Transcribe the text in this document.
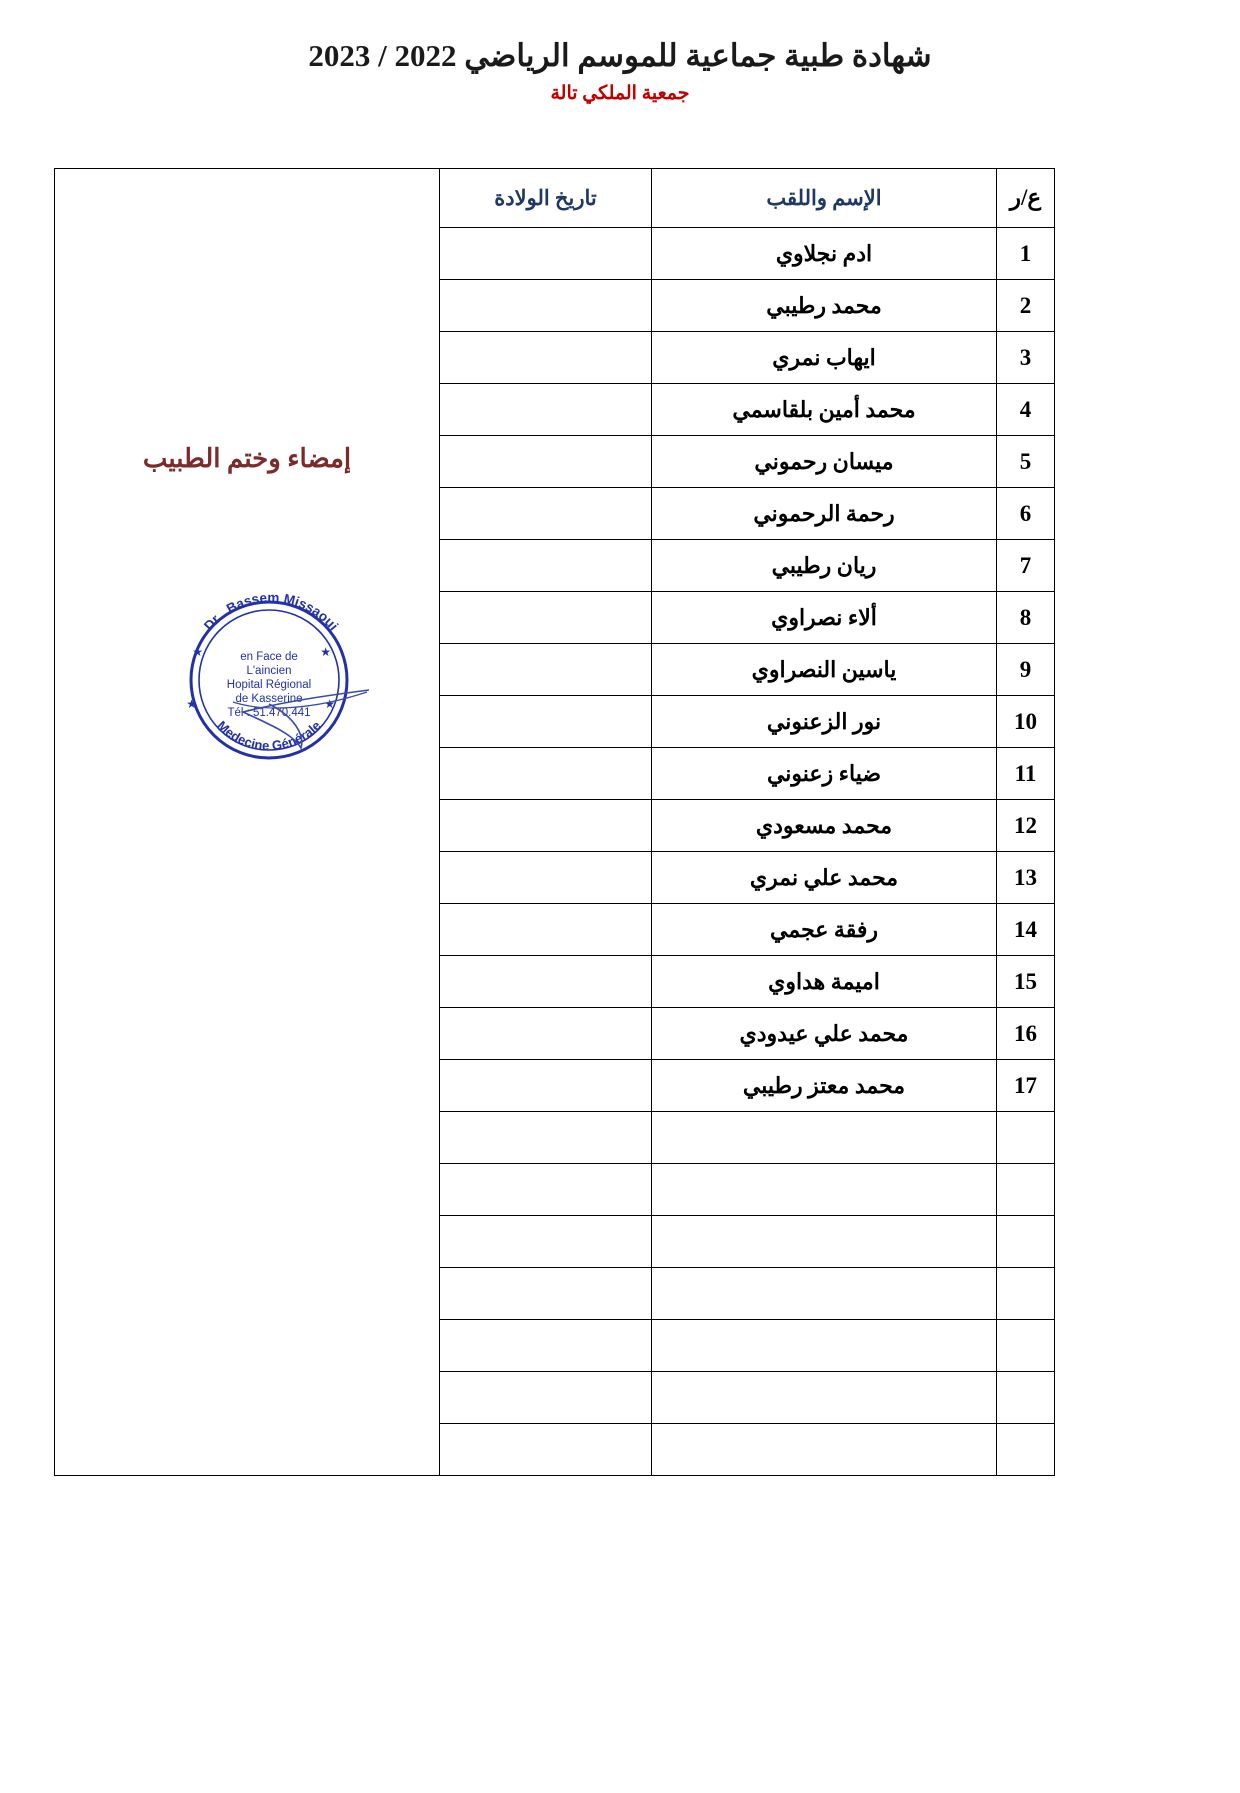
شهادة طبية جماعية للموسم الرياضي 2022 / 2023
جمعية الملكي تالة
ع/ر	الإسم واللقب	تاريخ الولادة	
إمضاء وختم الطبيب
Dr . Bassem Missaoui
Medecine Générale
en Face de
L'aincien
Hopital Régional
de Kasserine
Tél : 51.470.441
★	★
★	★

1	ادم نجلاوي		
2	محمد رطيبي		
3	ايهاب نمري		
4	محمد أمين بلقاسمي		
5	ميسان رحموني		
6	رحمة الرحموني		
7	ريان رطيبي		
8	ألاء نصراوي		
9	ياسين النصراوي		
10	نور الزعنوني		
11	ضياء زعنوني		
12	محمد مسعودي		
13	محمد علي نمري		
14	رفقة عجمي		
15	اميمة هداوي		
16	محمد علي عيدودي		
17	محمد معتز رطيبي		
